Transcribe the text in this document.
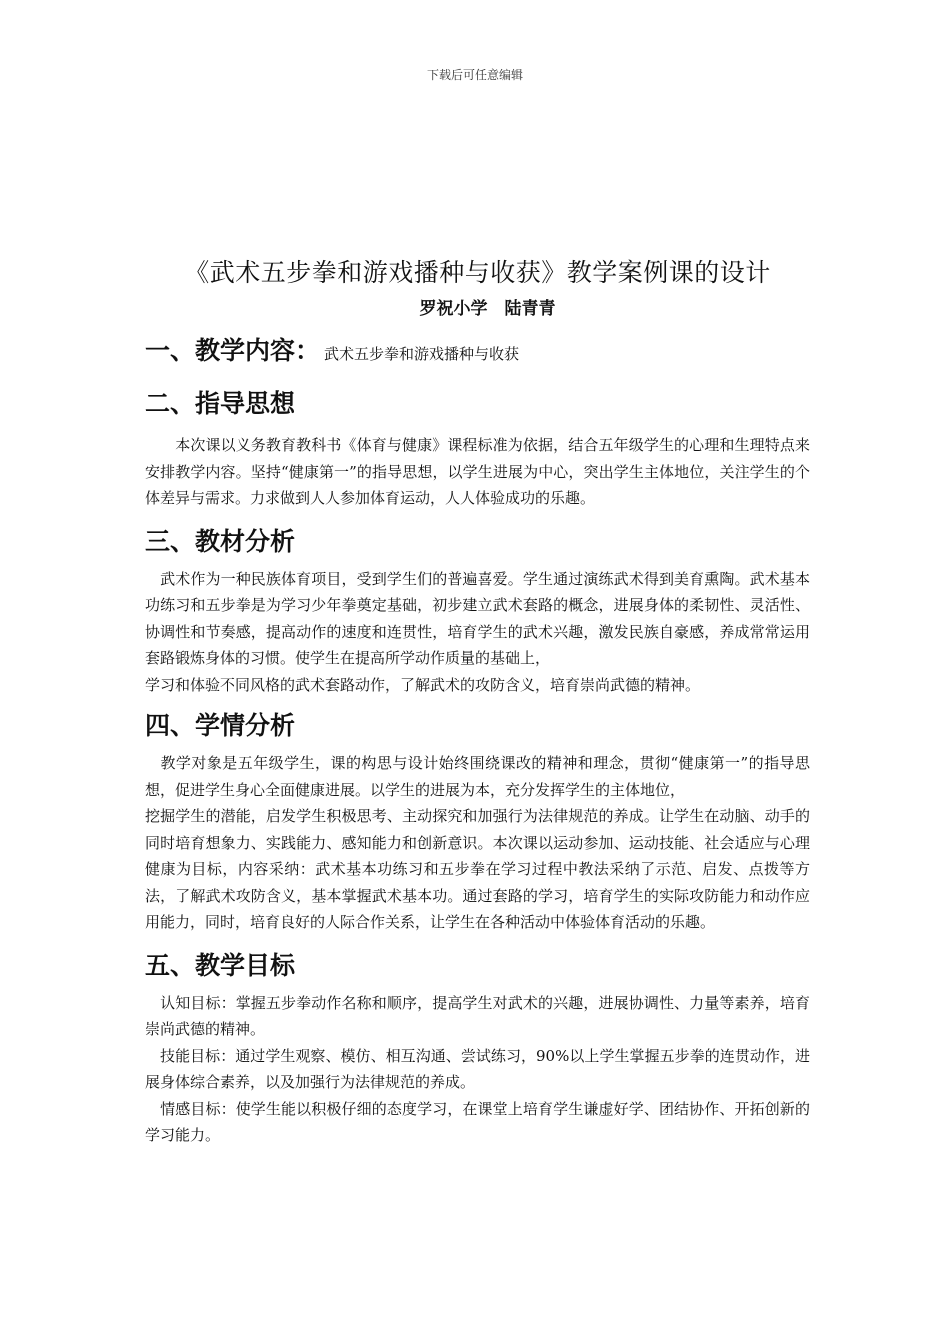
下载后可任意编辑
《武术五步拳和游戏播种与收获》教学案例课的设计

罗祝小学　陆青青

一、教学内容： 武术五步拳和游戏播种与收获
二、指导思想

　　本次课以义务教育教科书《体育与健康》课程标准为依据，结合五年级学生的心理和生理特点来安排教学内容。坚持“健康第一”的指导思想，以学生进展为中心，突出学生主体地位，关注学生的个体差异与需求。力求做到人人参加体育运动，人人体验成功的乐趣。

三、教材分析

　武术作为一种民族体育项目，受到学生们的普遍喜爱。学生通过演练武术得到美育熏陶。武术基本功练习和五步拳是为学习少年拳奠定基础，初步建立武术套路的概念，进展身体的柔韧性、灵活性、协调性和节奏感，提高动作的速度和连贯性，培育学生的武术兴趣，激发民族自豪感，养成常常运用套路锻炼身体的习惯。使学生在提高所学动作质量的基础上，

学习和体验不同风格的武术套路动作，了解武术的攻防含义，培育崇尚武德的精神。

四、学情分析

　教学对象是五年级学生，课的构思与设计始终围绕课改的精神和理念，贯彻“健康第一”的指导思想，促进学生身心全面健康进展。以学生的进展为本，充分发挥学生的主体地位，

挖掘学生的潜能，启发学生积极思考、主动探究和加强行为法律规范的养成。让学生在动脑、动手的同时培育想象力、实践能力、感知能力和创新意识。本次课以运动参加、运动技能、社会适应与心理健康为目标，内容采纳：武术基本功练习和五步拳在学习过程中教法采纳了示范、启发、点拨等方法，了解武术攻防含义，基本掌握武术基本功。通过套路的学习，培育学生的实际攻防能力和动作应用能力，同时，培育良好的人际合作关系，让学生在各种活动中体验体育活动的乐趣。

五、教学目标

　认知目标：掌握五步拳动作名称和顺序，提高学生对武术的兴趣，进展协调性、力量等素养，培育崇尚武德的精神。

　技能目标：通过学生观察、模仿、相互沟通、尝试练习，90%以上学生掌握五步拳的连贯动作，进展身体综合素养，以及加强行为法律规范的养成。

　情感目标：使学生能以积极仔细的态度学习，在课堂上培育学生谦虚好学、团结协作、开拓创新的学习能力。
